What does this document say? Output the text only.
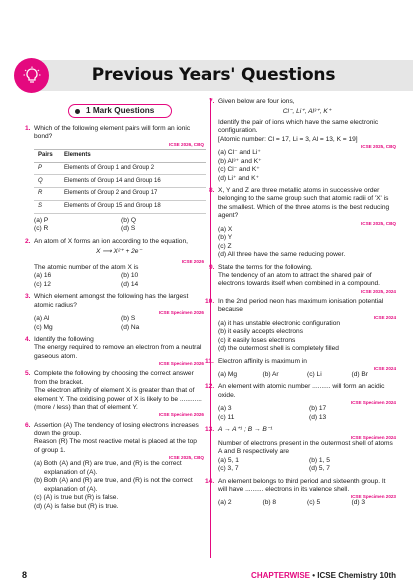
Previous Years' Questions
1 Mark Questions
1. Which of the following element pairs will form an ionic bond?
ICSE 2026, CBQ
Pairs	Elements
P	Elements of Group 1 and Group 2
Q	Elements of Group 14 and Group 16
R	Elements of Group 2 and Group 17
S	Elements of Group 15 and Group 18
(a) P	(b) Q
(c) R	(d) S
2. An atom of X forms an ion according to the equation,
X ⟶ X²⁺ + 2e⁻
ICSE 2026
The atomic number of the atom X is
(a) 16	(b) 10
(c) 12	(d) 14
3. Which element amongst the following has the largest atomic radius?
ICSE Specimen 2026
(a) Al	(b) S
(c) Mg	(d) Na
4. Identify the following
The energy required to remove an electron from a neutral gaseous atom.
ICSE Specimen 2026
5. Complete the following by choosing the correct answer from the bracket.
The electron affinity of element X is greater than that of element Y. The oxidising power of X is likely to be ............ (more / less) than that of element Y.
ICSE Specimen 2026
6. Assertion (A) The tendency of losing electrons increases down the group.
Reason (R) The most reactive metal is placed at the top of group 1.
ICSE 2025, CBQ
(a) Both (A) and (R) are true, and (R) is the correct explanation of (A).
(b) Both (A) and (R) are true, and (R) is not the correct explanation of (A).
(c) (A) is true but (R) is false.
(d) (A) is false but (R) is true.
7. Given below are four ions,
Cl⁻, Li⁺, Al³⁺, K⁺
Identify the pair of ions which have the same electronic configuration.
[Atomic number: Cl = 17, Li = 3, Al = 13, K = 19]
ICSE 2025, CBQ
(a) Cl⁻ and Li⁺
(b) Al³⁺ and K⁺
(c) Cl⁻ and K⁺
(d) Li⁺ and K⁺
8. X, Y and Z are three metallic atoms in successive order belonging to the same group such that atomic radii of 'X' is the smallest. Which of the three atoms is the best reducing agent?
ICSE 2025, CBQ
(a) X
(b) Y
(c) Z
(d) All three have the same reducing power.
9. State the terms for the following.
The tendency of an atom to attract the shared pair of electrons towards itself when combined in a compound.
ICSE 2025, 2024
10. In the 2nd period neon has maximum ionisation potential because
ICSE 2024
(a) it has unstable electronic configuration
(b) it easily accepts electrons
(c) it easily loses electrons
(d) the outermost shell is completely filled
11. Electron affinity is maximum in
ICSE 2024
(a) Mg	(b) Ar	(c) Li	(d) Br
12. An element with atomic number .......... will form an acidic oxide.
ICSE Specimen 2024
(a) 3	(b) 17
(c) 11	(d) 13
13. A → A⁺¹ ; B → B⁻¹
ICSE Specimen 2024
Number of electrons present in the outermost shell of atoms A and B respectively are
(a) 5, 1	(b) 1, 5
(c) 3, 7	(d) 5, 7
14. An element belongs to third period and sixteenth group. It will have .......... electrons in its valence shell.
ICSE Specimen 2023
(a) 2	(b) 8	(c) 5	(d) 3
8	CHAPTERWISE • ICSE Chemistry 10th
